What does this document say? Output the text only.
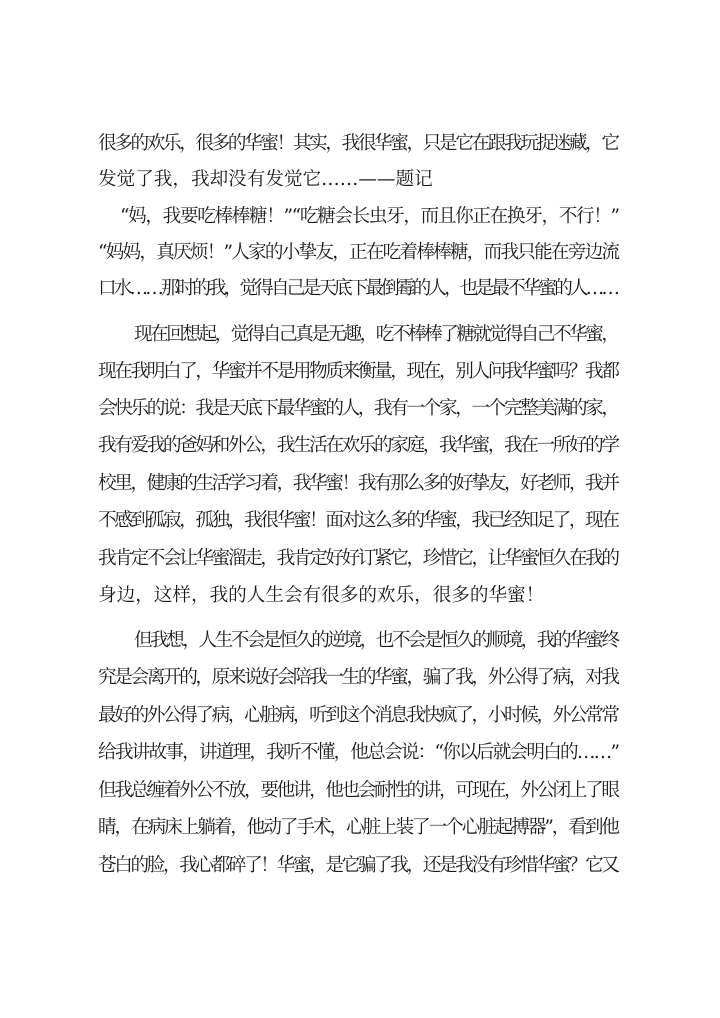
很多的欢乐，很多的华蜜！其实，我很华蜜，只是它在跟我玩捉迷藏，它
发觉了我，我却没有发觉它……——题记
“妈，我要吃棒棒糖！”“吃糖会长虫牙，而且你正在换牙，不行！”
“妈妈，真厌烦！”人家的小挚友，正在吃着棒棒糖，而我只能在旁边流
口水……那时的我，觉得自己是天底下最倒霉的人，也是最不华蜜的人……
现在回想起，觉得自己真是无趣，吃不棒棒了糖就觉得自己不华蜜，
现在我明白了，华蜜并不是用物质来衡量，现在，别人问我华蜜吗？我都
会快乐的说：我是天底下最华蜜的人，我有一个家，一个完整美满的家，
我有爱我的爸妈和外公，我生活在欢乐的家庭，我华蜜，我在一所好的学
校里，健康的生活学习着，我华蜜！我有那么多的好挚友，好老师，我并
不感到孤寂，孤独，我很华蜜！面对这么多的华蜜，我已经知足了，现在
我肯定不会让华蜜溜走，我肯定好好订紧它，珍惜它，让华蜜恒久在我的
身边，这样，我的人生会有很多的欢乐，很多的华蜜！
但我想，人生不会是恒久的逆境，也不会是恒久的顺境，我的华蜜终
究是会离开的，原来说好会陪我一生的华蜜，骗了我，外公得了病，对我
最好的外公得了病，心脏病，听到这个消息我快疯了，小时候，外公常常
给我讲故事，讲道理，我听不懂，他总会说：“你以后就会明白的……”
但我总缠着外公不放，要他讲，他也会耐性的讲，可现在，外公闭上了眼
睛，在病床上躺着，他动了手术，心脏上装了一个心脏起搏器”，看到他
苍白的脸，我心都碎了！华蜜，是它骗了我，还是我没有珍惜华蜜？它又
